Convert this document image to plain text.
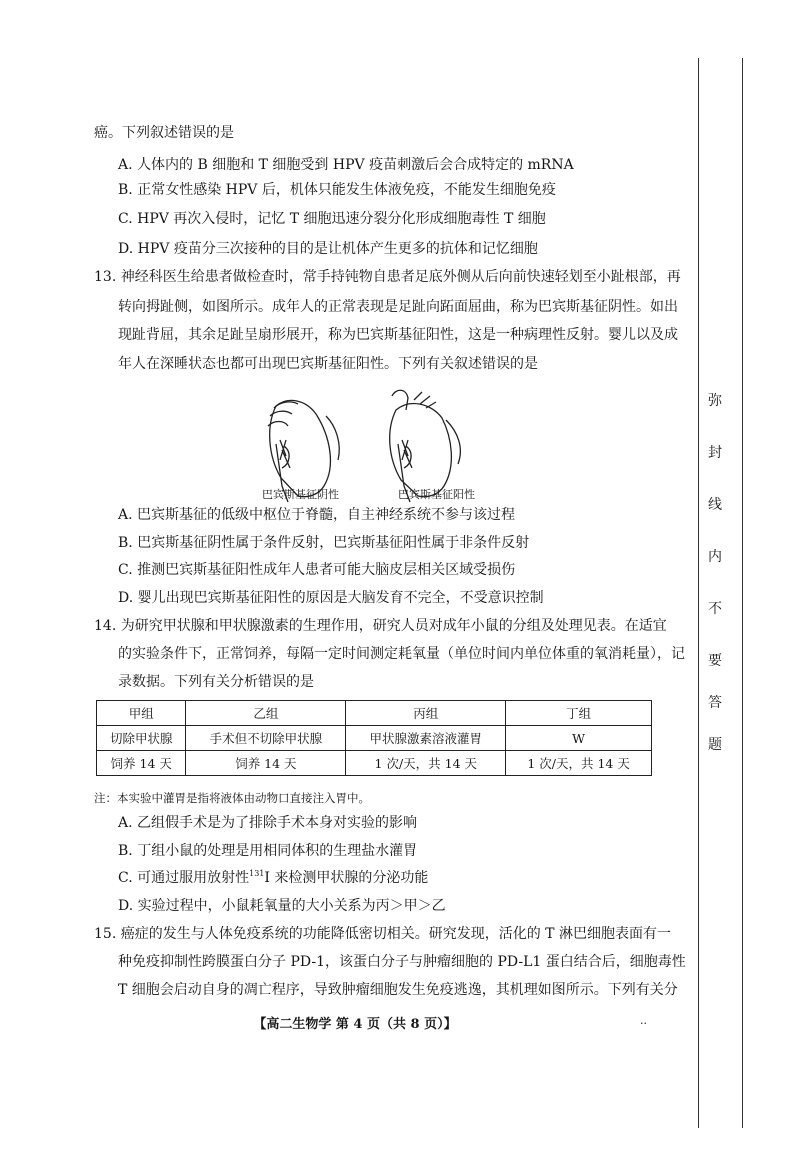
癌。下列叙述错误的是
A. 人体内的 B 细胞和 T 细胞受到 HPV 疫苗刺激后会合成特定的 mRNA
B. 正常女性感染 HPV 后，机体只能发生体液免疫，不能发生细胞免疫
C. HPV 再次入侵时，记忆 T 细胞迅速分裂分化形成细胞毒性 T 细胞
D. HPV 疫苗分三次接种的目的是让机体产生更多的抗体和记忆细胞
13. 神经科医生给患者做检查时，常手持钝物自患者足底外侧从后向前快速轻划至小趾根部，再
转向拇趾侧，如图所示。成年人的正常表现是足趾向跖面屈曲，称为巴宾斯基征阴性。如出
现趾背屈，其余足趾呈扇形展开，称为巴宾斯基征阳性，这是一种病理性反射。婴儿以及成
年人在深睡状态也都可出现巴宾斯基征阳性。下列有关叙述错误的是
巴宾斯基征阴性	巴宾斯基征阳性
A. 巴宾斯基征的低级中枢位于脊髓，自主神经系统不参与该过程
B. 巴宾斯基征阴性属于条件反射，巴宾斯基征阳性属于非条件反射
C. 推测巴宾斯基征阳性成年人患者可能大脑皮层相关区域受损伤
D. 婴儿出现巴宾斯基征阳性的原因是大脑发育不完全，不受意识控制
14. 为研究甲状腺和甲状腺激素的生理作用，研究人员对成年小鼠的分组及处理见表。在适宜
的实验条件下，正常饲养，每隔一定时间测定耗氧量（单位时间内单位体重的氧消耗量），记
录数据。下列有关分析错误的是
甲组	乙组	丙组	丁组
切除甲状腺	手术但不切除甲状腺	甲状腺激素溶液灌胃	W
饲养 14 天	饲养 14 天	1 次/天，共 14 天	1 次/天，共 14 天
注：本实验中灌胃是指将液体由动物口直接注入胃中。
A. 乙组假手术是为了排除手术本身对实验的影响
B. 丁组小鼠的处理是用相同体积的生理盐水灌胃
C. 可通过服用放射性$^{131}$I 来检测甲状腺的分泌功能
D. 实验过程中，小鼠耗氧量的大小关系为丙＞甲＞乙
15. 癌症的发生与人体免疫系统的功能降低密切相关。研究发现，活化的 T 淋巴细胞表面有一
种免疫抑制性跨膜蛋白分子 PD-1，该蛋白分子与肿瘤细胞的 PD-L1 蛋白结合后，细胞毒性
T 细胞会启动自身的凋亡程序，导致肿瘤细胞发生免疫逃逸，其机理如图所示。下列有关分
【高二生物学 第 4 页（共 8 页）】	..
弥
封
线
内
不
要
答
题
